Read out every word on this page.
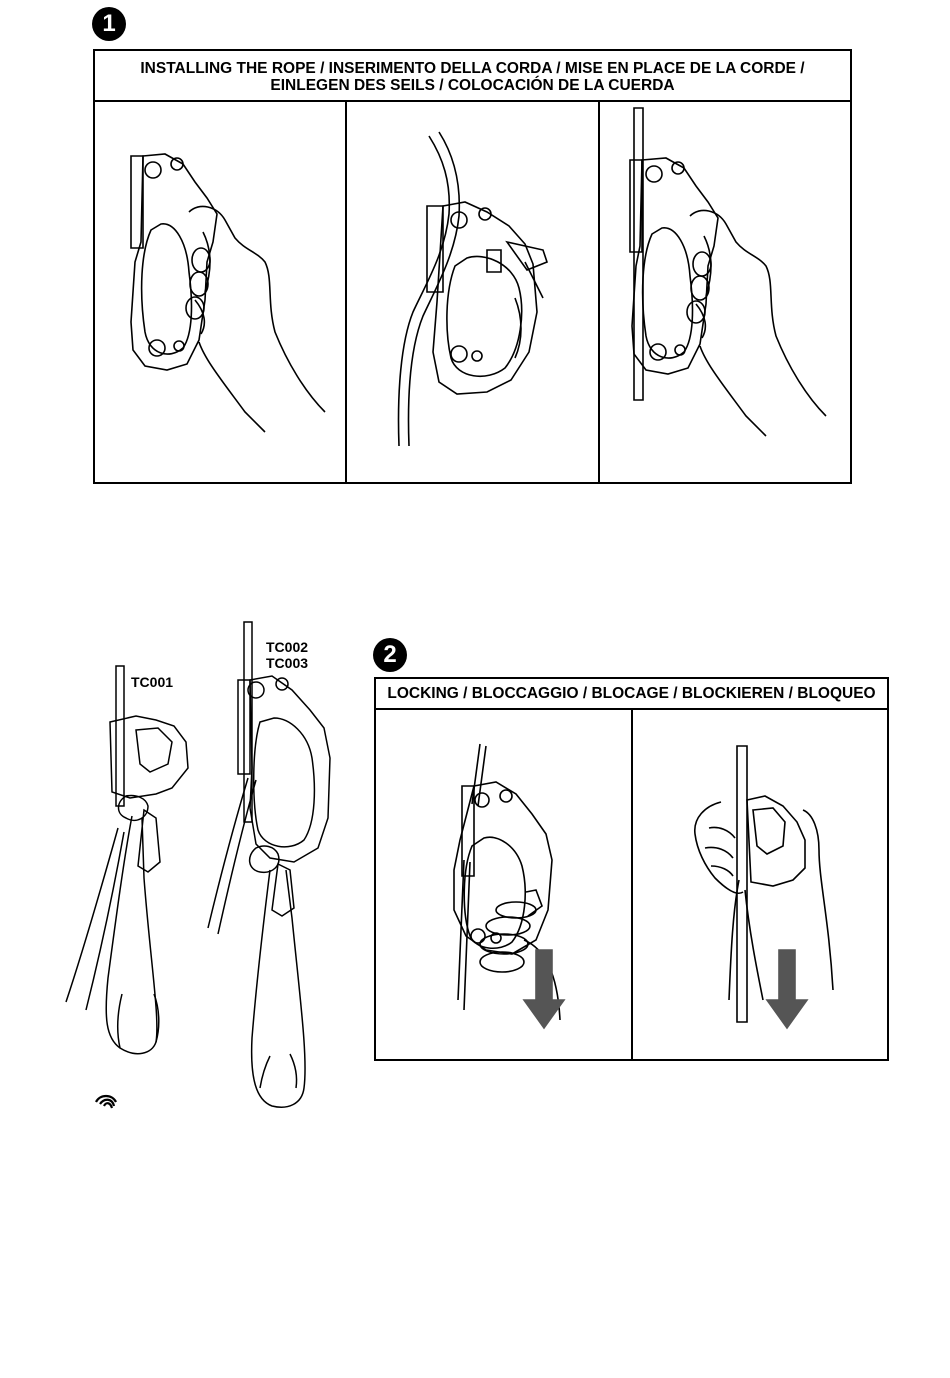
1
INSTALLING THE ROPE / INSERIMENTO DELLA CORDA / MISE EN PLACE DE LA CORDE /
EINLEGEN DES SEILS / COLOCACIÓN DE LA CUERDA
TC001
TC002
TC003	2
LOCKING / BLOCCAGGIO / BLOCAGE / BLOCKIEREN / BLOQUEO
